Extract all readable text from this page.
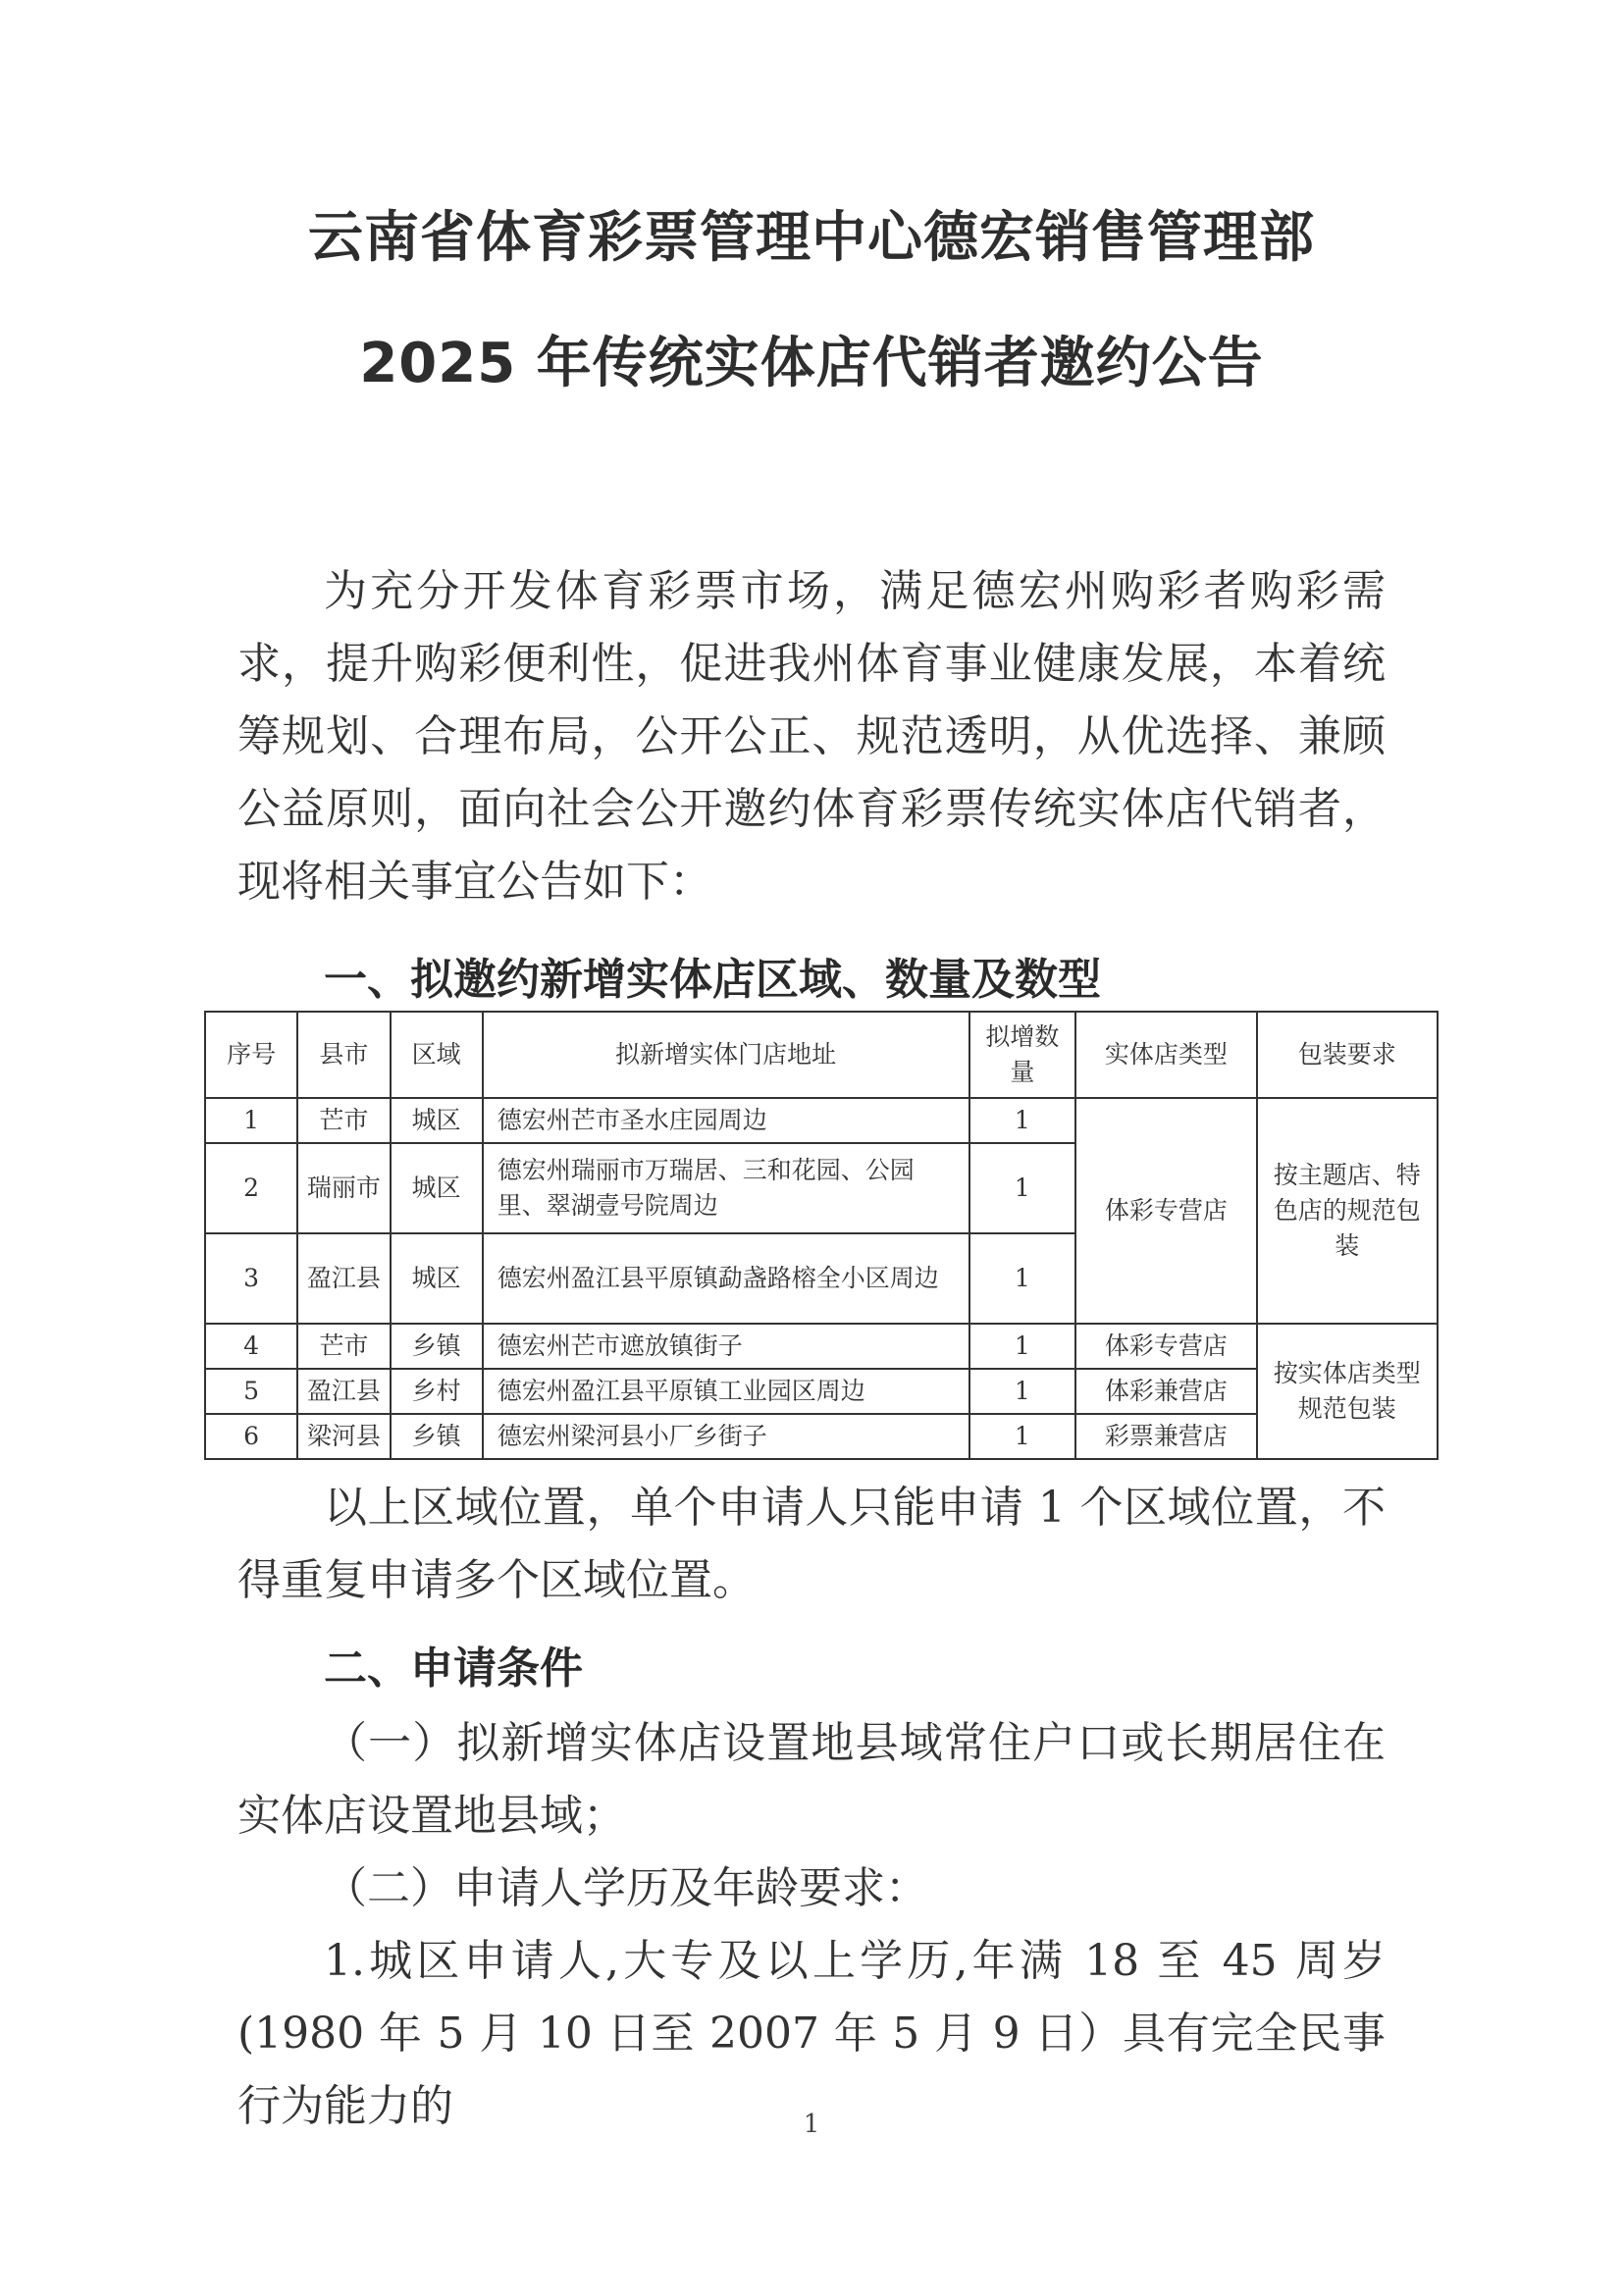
云南省体育彩票管理中心德宏销售管理部
2025 年传统实体店代销者邀约公告

为充分开发体育彩票市场，满足德宏州购彩者购彩需求，提升购彩便利性，促进我州体育事业健康发展，本着统筹规划、合理布局，公开公正、规范透明，从优选择、兼顾公益原则，面向社会公开邀约体育彩票传统实体店代销者，现将相关事宜公告如下：

一、拟邀约新增实体店区域、数量及数型
序号	县市	区域	拟新增实体门店地址	拟增数量	实体店类型	包装要求
1	芒市	城区	德宏州芒市圣水庄园周边	1	体彩专营店	按主题店、特色店的规范包装
2	瑞丽市	城区	德宏州瑞丽市万瑞居、三和花园、公园里、翠湖壹号院周边	1		
3	盈江县	城区	德宏州盈江县平原镇勐盏路榕全小区周边	1		
4	芒市	乡镇	德宏州芒市遮放镇街子	1	体彩专营店	按实体店类型规范包装
5	盈江县	乡村	德宏州盈江县平原镇工业园区周边	1	体彩兼营店	
6	梁河县	乡镇	德宏州梁河县小厂乡街子	1	彩票兼营店	

以上区域位置，单个申请人只能申请 1 个区域位置，不得重复申请多个区域位置。

二、申请条件

（一）拟新增实体店设置地县域常住户口或长期居住在实体店设置地县域；

（二）申请人学历及年龄要求：

1.城区申请人,大专及以上学历,年满 18 至 45 周岁(1980 年 5 月 10 日至 2007 年 5 月 9 日）具有完全民事行为能力的	1
